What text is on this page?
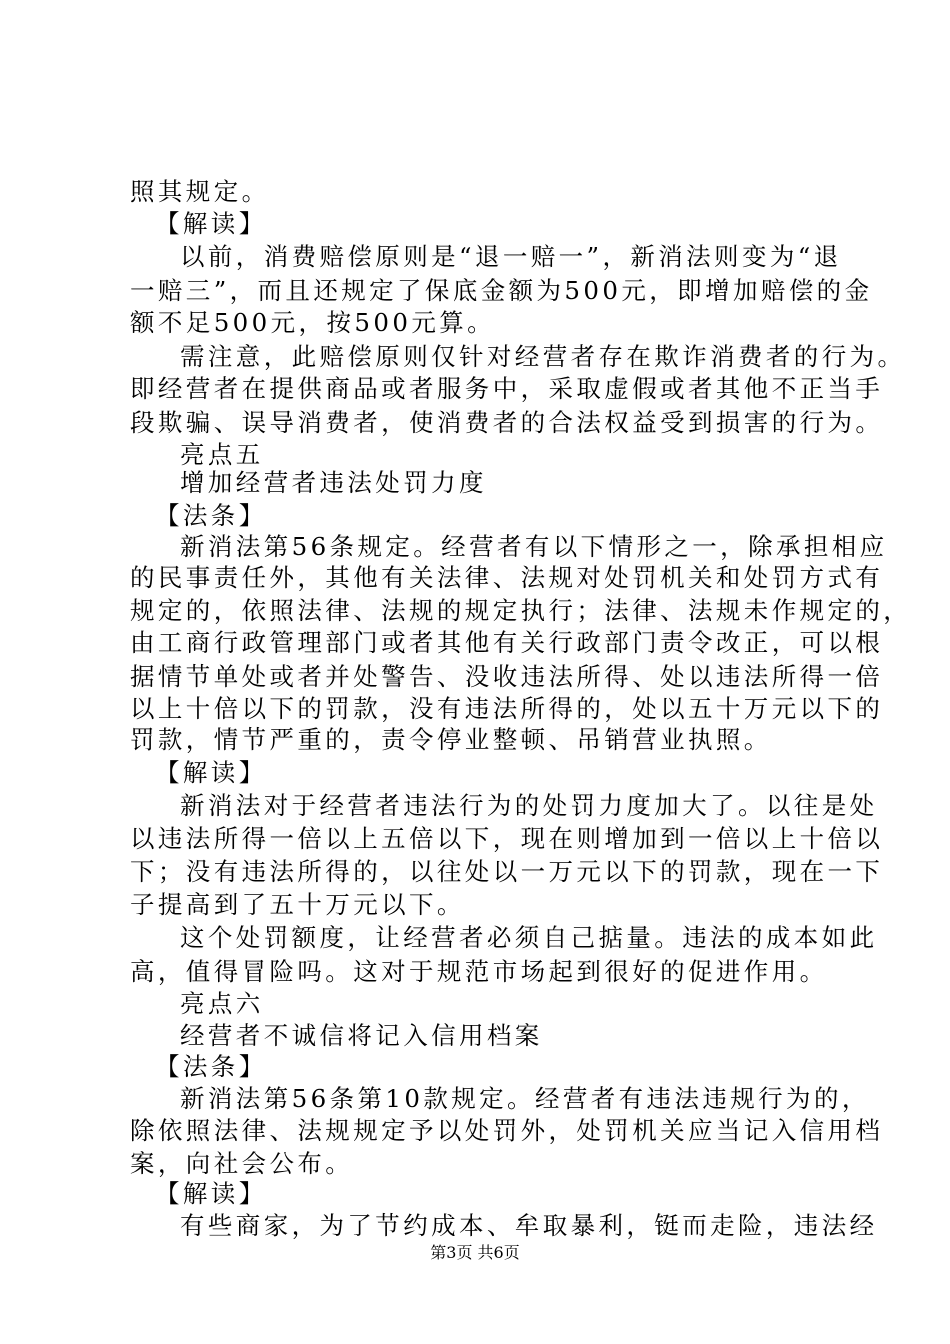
照其规定。

【解读】

以前，消费赔偿原则是“退一赔一”，新消法则变为“退

一赔三”，而且还规定了保底金额为500元，即增加赔偿的金

额不足500元，按500元算。

需注意，此赔偿原则仅针对经营者存在欺诈消费者的行为。

即经营者在提供商品或者服务中，采取虚假或者其他不正当手

段欺骗、误导消费者，使消费者的合法权益受到损害的行为。

亮点五

增加经营者违法处罚力度

【法条】

新消法第56条规定。经营者有以下情形之一，除承担相应

的民事责任外，其他有关法律、法规对处罚机关和处罚方式有

规定的，依照法律、法规的规定执行；法律、法规未作规定的，

由工商行政管理部门或者其他有关行政部门责令改正，可以根

据情节单处或者并处警告、没收违法所得、处以违法所得一倍

以上十倍以下的罚款，没有违法所得的，处以五十万元以下的

罚款，情节严重的，责令停业整顿、吊销营业执照。

【解读】

新消法对于经营者违法行为的处罚力度加大了。以往是处

以违法所得一倍以上五倍以下，现在则增加到一倍以上十倍以

下；没有违法所得的，以往处以一万元以下的罚款，现在一下

子提高到了五十万元以下。

这个处罚额度，让经营者必须自己掂量。违法的成本如此

高，值得冒险吗。这对于规范市场起到很好的促进作用。

亮点六

经营者不诚信将记入信用档案

【法条】

新消法第56条第10款规定。经营者有违法违规行为的，

除依照法律、法规规定予以处罚外，处罚机关应当记入信用档

案，向社会公布。

【解读】

第3页 共6页

有些商家，为了节约成本、牟取暴利，铤而走险，违法经
